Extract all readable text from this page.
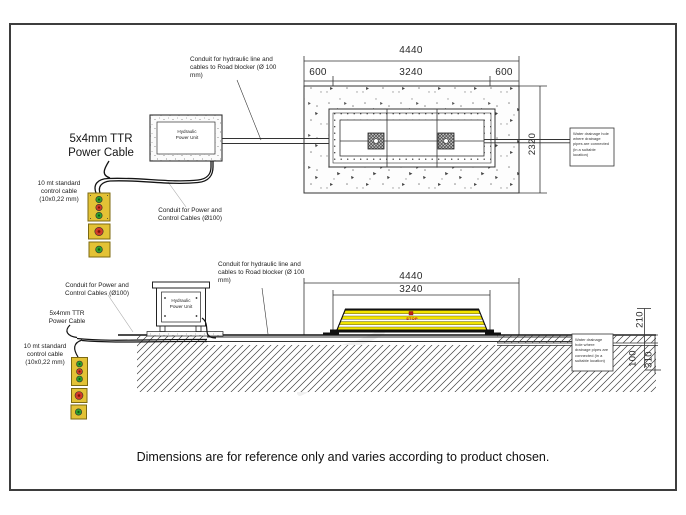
4440
600	3240	600
2320
Conduit for hydraulic line and cables to Road blocker (Ø 100 mm)
Hydraulic Power Unit
5x4mm TTR Power Cable
10 mt standard control cable (10x0,22 mm)
Conduit for Power and Control Cables (Ø100)
Water drainage hole where drainage pipes are connected (in a suitable location)
4440
3240
210
100 310
Conduit for hydraulic line and cables to Road blocker (Ø 100 mm)
Conduit for Power and Control Cables (Ø100)
5x4mm TTR Power Cable
10 mt standard control cable (10x0,22 mm)
Hydraulic Power Unit
STOP
Water drainage hole where drainage pipes are connected (in a suitable location)
Dimensions are for reference only and varies according to product chosen.
